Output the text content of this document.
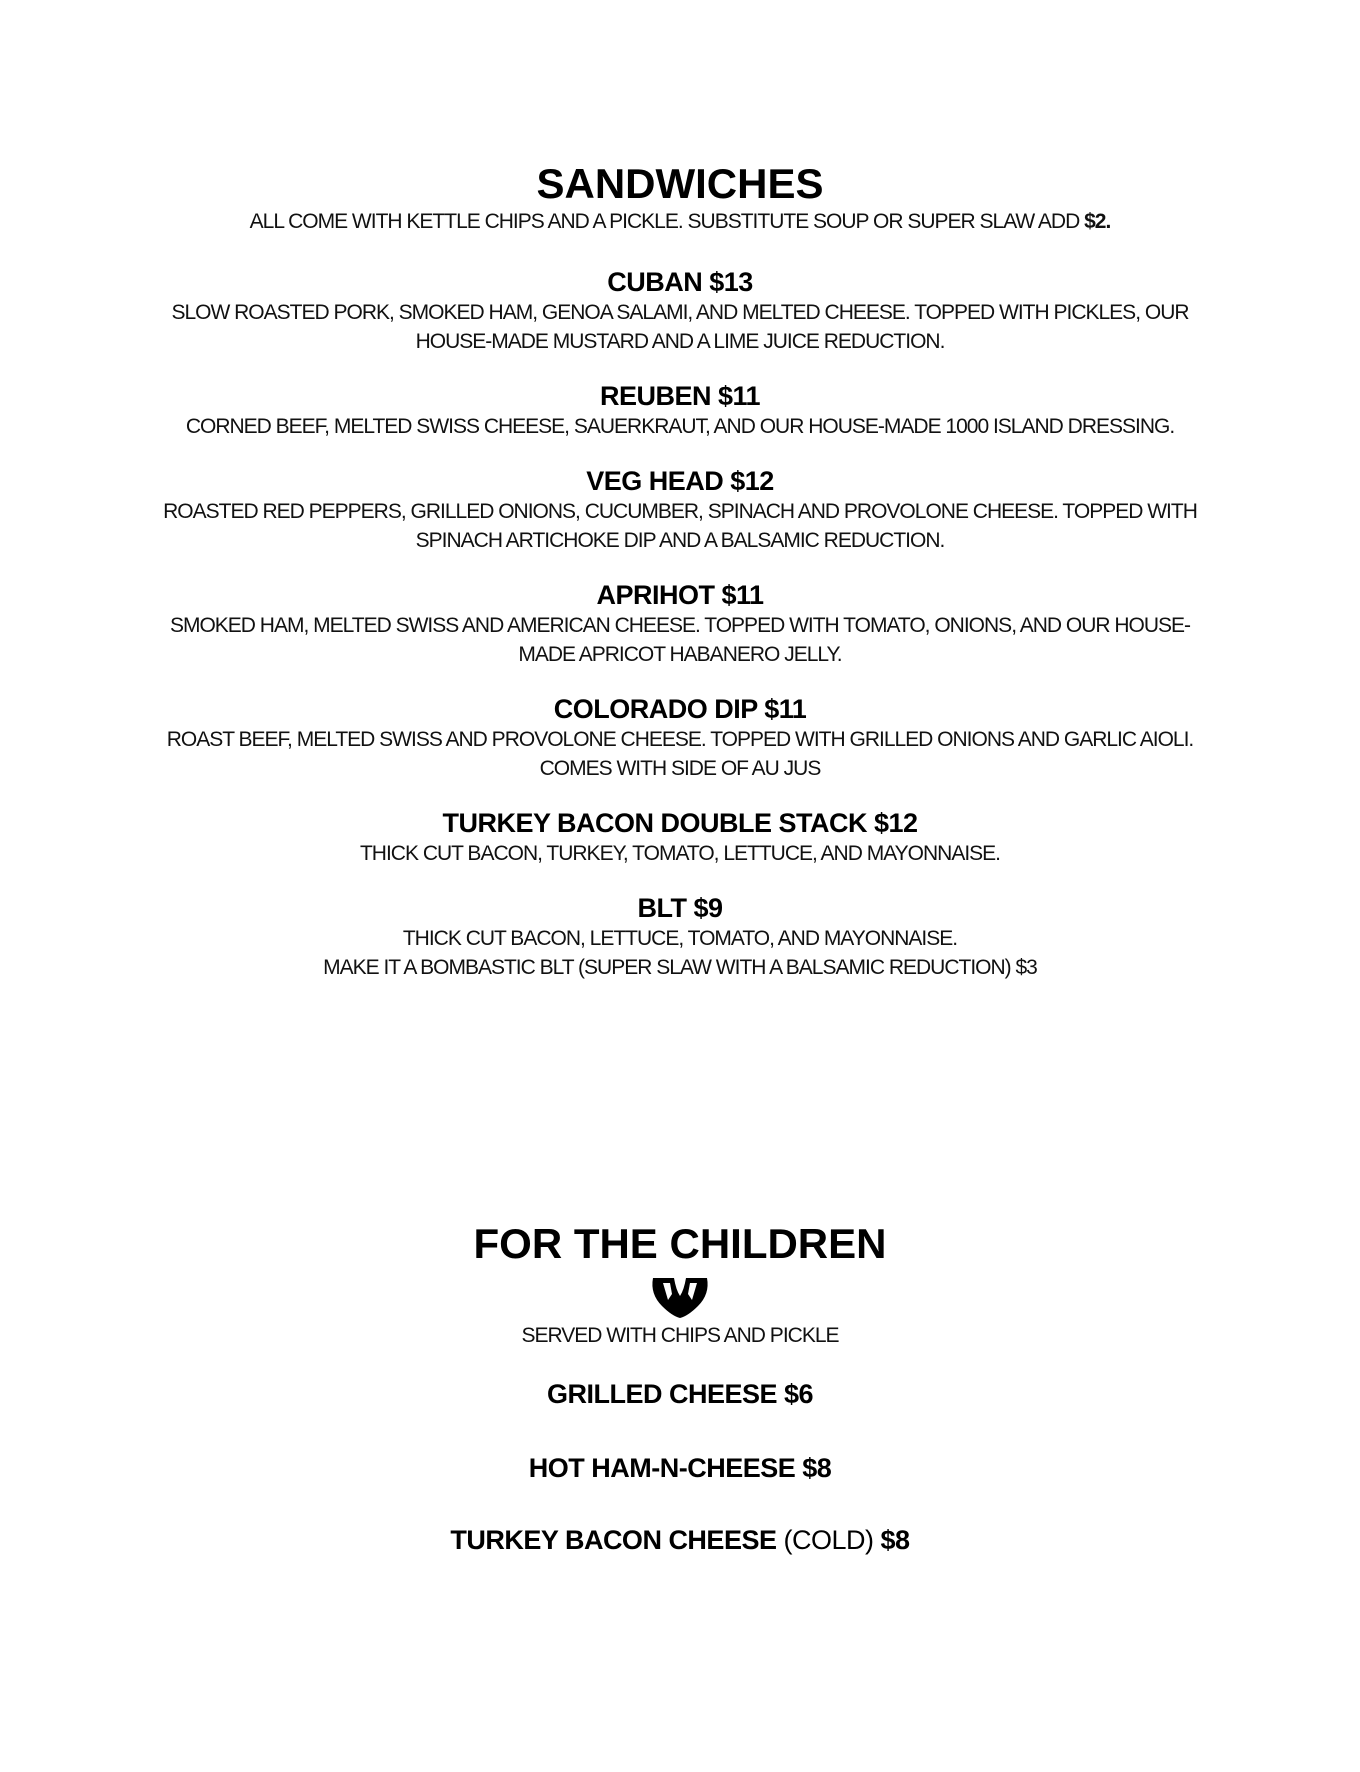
SANDWICHES

ALL COME WITH KETTLE CHIPS AND A PICKLE. SUBSTITUTE SOUP OR SUPER SLAW ADD $2.

CUBAN $13

SLOW ROASTED PORK, SMOKED HAM, GENOA SALAMI, AND MELTED CHEESE. TOPPED WITH PICKLES, OUR
HOUSE-MADE MUSTARD AND A LIME JUICE REDUCTION.

REUBEN $11

CORNED BEEF, MELTED SWISS CHEESE, SAUERKRAUT, AND OUR HOUSE-MADE 1000 ISLAND DRESSING.

VEG HEAD $12

ROASTED RED PEPPERS, GRILLED ONIONS, CUCUMBER, SPINACH AND PROVOLONE CHEESE. TOPPED WITH
SPINACH ARTICHOKE DIP AND A BALSAMIC REDUCTION.

APRIHOT $11

SMOKED HAM, MELTED SWISS AND AMERICAN CHEESE. TOPPED WITH TOMATO, ONIONS, AND OUR HOUSE-
MADE APRICOT HABANERO JELLY.

COLORADO DIP $11

ROAST BEEF, MELTED SWISS AND PROVOLONE CHEESE. TOPPED WITH GRILLED ONIONS AND GARLIC AIOLI.
COMES WITH SIDE OF AU JUS

TURKEY BACON DOUBLE STACK $12

THICK CUT BACON, TURKEY, TOMATO, LETTUCE, AND MAYONNAISE.

BLT $9

THICK CUT BACON, LETTUCE, TOMATO, AND MAYONNAISE.
MAKE IT A BOMBASTIC BLT (SUPER SLAW WITH A BALSAMIC REDUCTION) $3

FOR THE CHILDREN

SERVED WITH CHIPS AND PICKLE

GRILLED CHEESE $6
HOT HAM-N-CHEESE $8
TURKEY BACON CHEESE (COLD) $8
